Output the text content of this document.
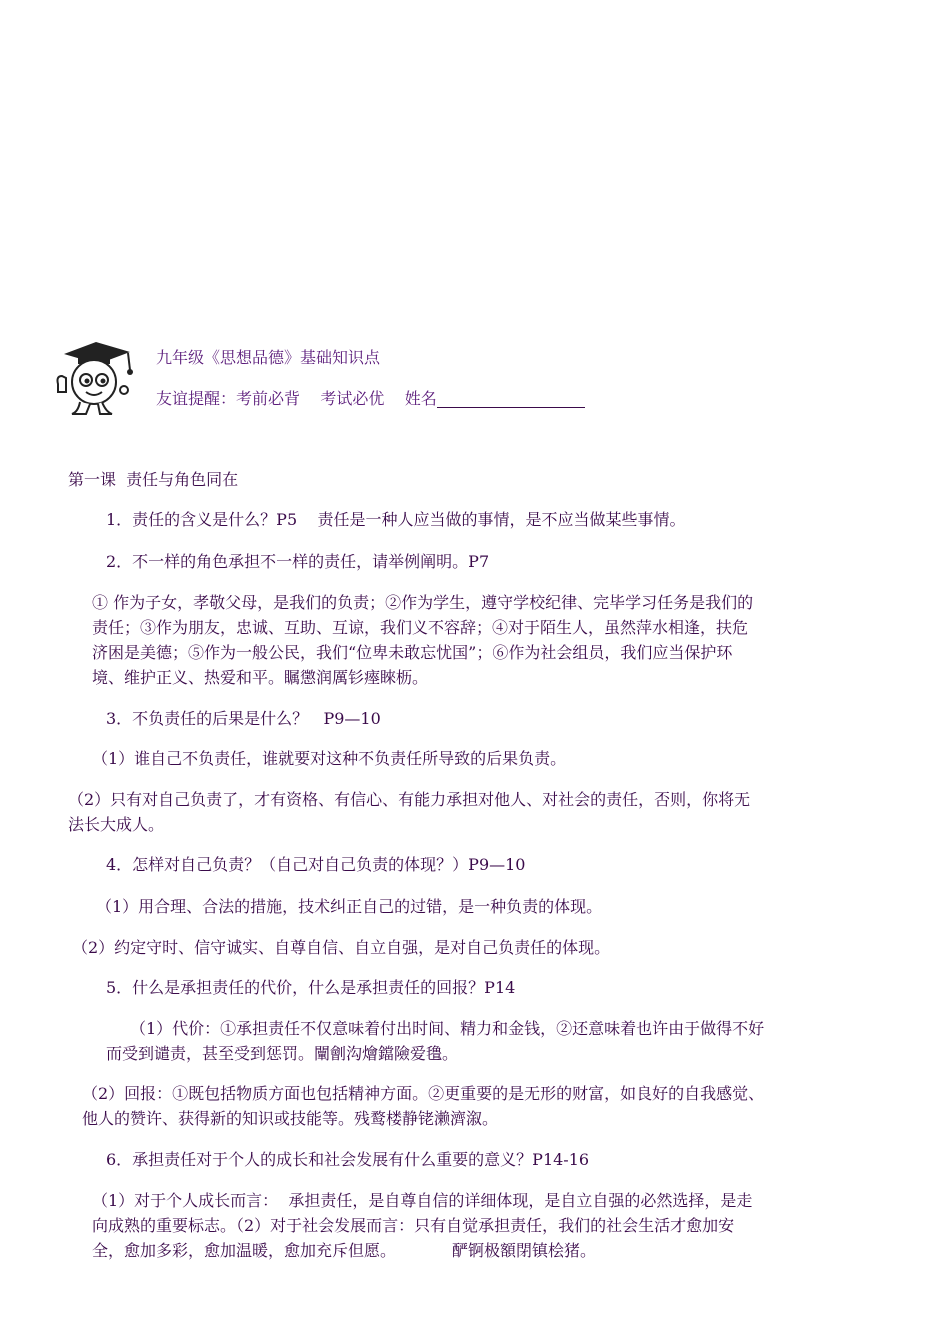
九年级《思想品德》基础知识点
友谊提醒：考前必背    考试必优    姓名
第一课  责任与角色同在
1．责任的含义是什么？P5    责任是一种人应当做的事情，是不应当做某些事情。
2．不一样的角色承担不一样的责任，请举例阐明。P7
① 作为子女，孝敬父母，是我们的负责；②作为学生，遵守学校纪律、完毕学习任务是我们的
责任；③作为朋友，忠诚、互助、互谅，我们义不容辞；④对于陌生人，虽然萍水相逢，扶危
济困是美德；⑤作为一般公民，我们“位卑未敢忘忧国”；⑥作为社会组员，我们应当保护环
境、维护正义、热爱和平。瞩懲润厲钐瘞睞枥。
3．不负责任的后果是什么？   P9—10
（1）谁自己不负责任，谁就要对这种不负责任所导致的后果负责。
（2）只有对自己负责了，才有资格、有信心、有能力承担对他人、对社会的责任，否则，你将无
法长大成人。
4．怎样对自己负责？（自己对自己负责的体现？）P9—10
（1）用合理、合法的措施，技术纠正自己的过错，是一种负责的体现。
（2）约定守时、信守诚实、自尊自信、自立自强，是对自己负责任的体现。
5．什么是承担责任的代价，什么是承担责任的回报？P14
（1）代价：①承担责任不仅意味着付出时间、精力和金钱，②还意味着也许由于做得不好
而受到谴责，甚至受到惩罚。闡劊沟燴鐺險爱氇。
（2）回报：①既包括物质方面也包括精神方面。②更重要的是无形的财富，如良好的自我感觉、
他人的赞许、获得新的知识或技能等。残鹜楼静铑濑濟溆。
6．承担责任对于个人的成长和社会发展有什么重要的意义？P14-16
（1）对于个人成长而言：  承担责任，是自尊自信的详细体现，是自立自强的必然选择，是走
向成熟的重要标志。（2）对于社会发展而言：只有自觉承担责任，我们的社会生活才愈加安
全，愈加多彩，愈加温暖，愈加充斥但愿。           酽锕极額閉镇桧猪。
